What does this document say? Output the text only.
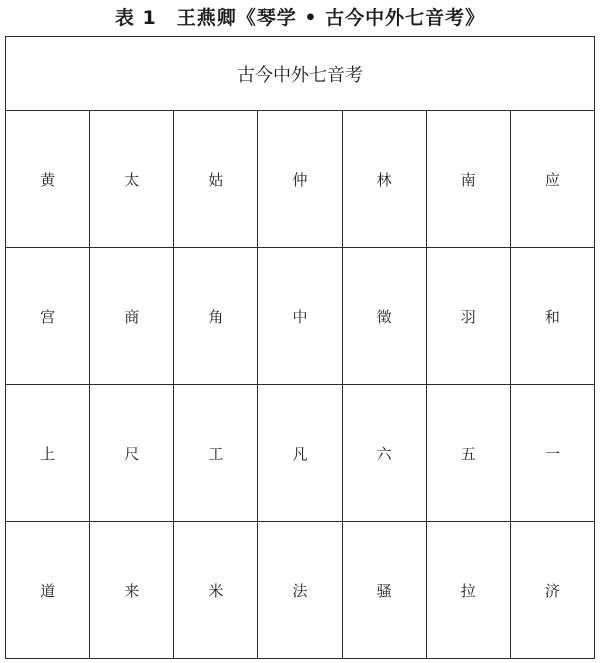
表 1　王燕卿《琴学 • 古今中外七音考》
古今中外七音考						
黄	太	姑	仲	林	南	应
宫	商	角	中	徵	羽	和
上	尺	工	凡	六	五	一
道	来	米	法	骚	拉	济
